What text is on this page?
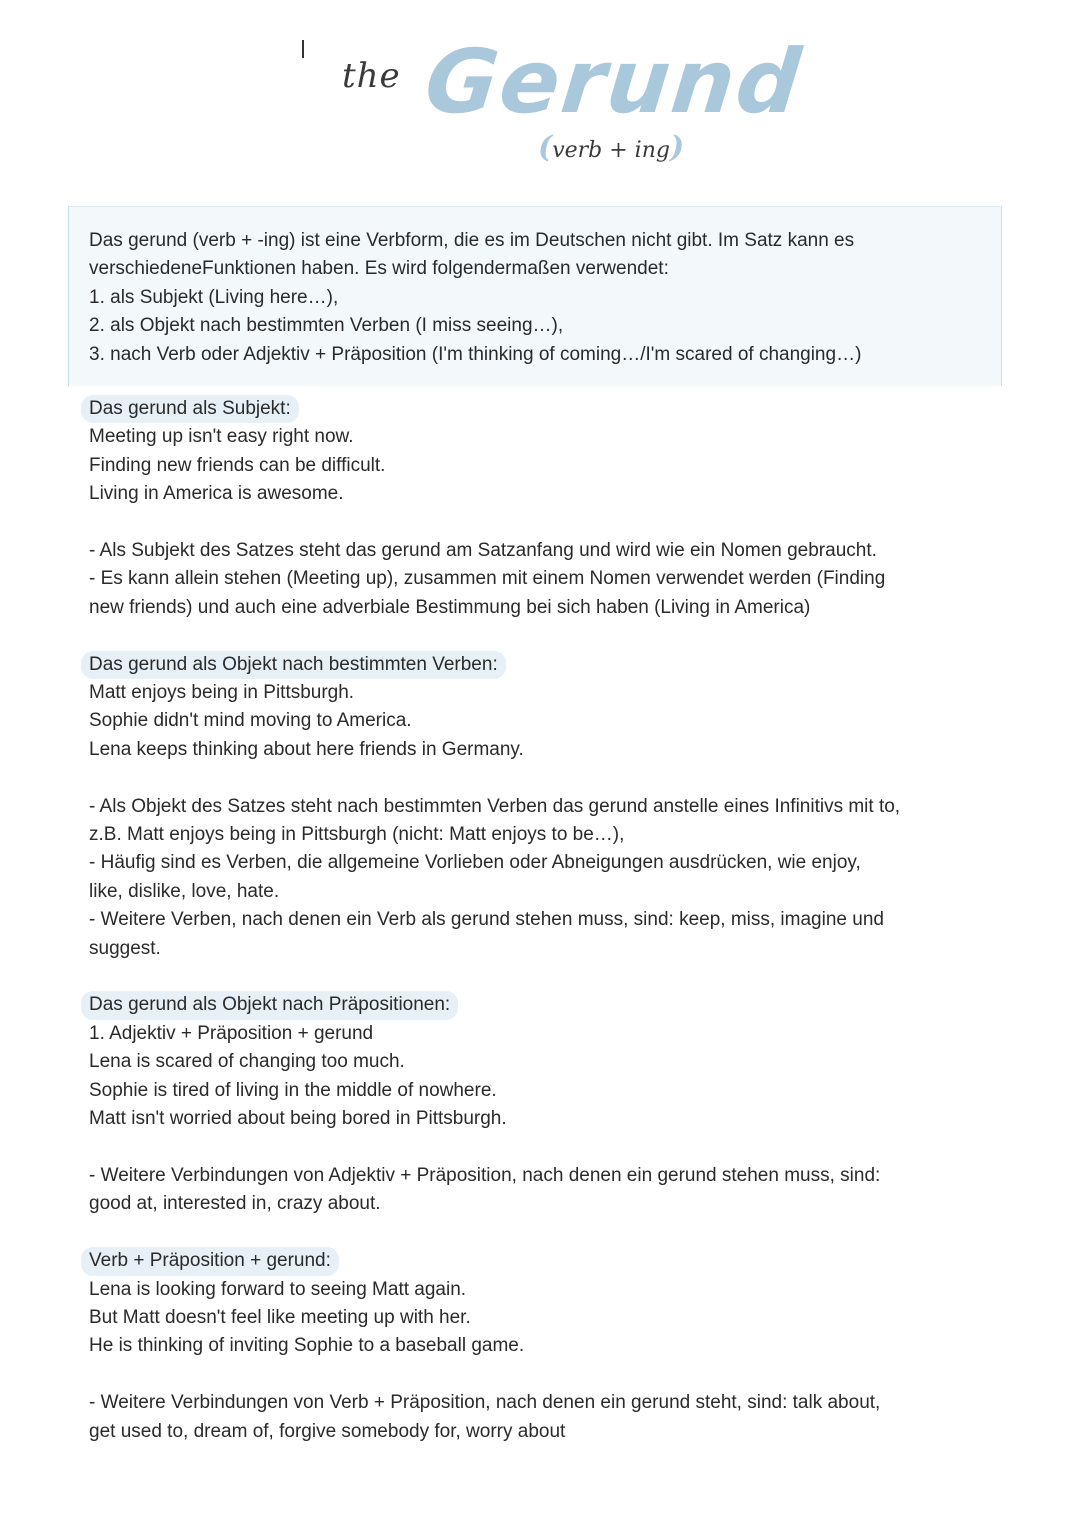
the Gerund
(verb + ing)

Das gerund (verb + -ing) ist eine Verbform, die es im Deutschen nicht gibt. Im Satz kann es

verschiedeneFunktionen haben. Es wird folgendermaßen verwendet:

1. als Subjekt (Living here…),

2. als Objekt nach bestimmten Verben (I miss seeing…),

3. nach Verb oder Adjektiv + Präposition (I'm thinking of coming…/I'm scared of changing…)

Das gerund als Subjekt:

Meeting up isn't easy right now.

Finding new friends can be difficult.

Living in America is awesome.

- Als Subjekt des Satzes steht das gerund am Satzanfang und wird wie ein Nomen gebraucht.

- Es kann allein stehen (Meeting up), zusammen mit einem Nomen verwendet werden (Finding

new friends) und auch eine adverbiale Bestimmung bei sich haben (Living in America)

Das gerund als Objekt nach bestimmten Verben:

Matt enjoys being in Pittsburgh.

Sophie didn't mind moving to America.

Lena keeps thinking about here friends in Germany.

- Als Objekt des Satzes steht nach bestimmten Verben das gerund anstelle eines Infinitivs mit to,

z.B. Matt enjoys being in Pittsburgh (nicht: Matt enjoys to be…),

- Häufig sind es Verben, die allgemeine Vorlieben oder Abneigungen ausdrücken, wie enjoy,

like, dislike, love, hate.

- Weitere Verben, nach denen ein Verb als gerund stehen muss, sind: keep, miss, imagine und

suggest.

Das gerund als Objekt nach Präpositionen:

1. Adjektiv + Präposition + gerund

Lena is scared of changing too much.

Sophie is tired of living in the middle of nowhere.

Matt isn't worried about being bored in Pittsburgh.

- Weitere Verbindungen von Adjektiv + Präposition, nach denen ein gerund stehen muss, sind:

good at, interested in, crazy about.

Verb + Präposition + gerund:

Lena is looking forward to seeing Matt again.

But Matt doesn't feel like meeting up with her.

He is thinking of inviting Sophie to a baseball game.

- Weitere Verbindungen von Verb + Präposition, nach denen ein gerund steht, sind: talk about,

get used to, dream of, forgive somebody for, worry about
